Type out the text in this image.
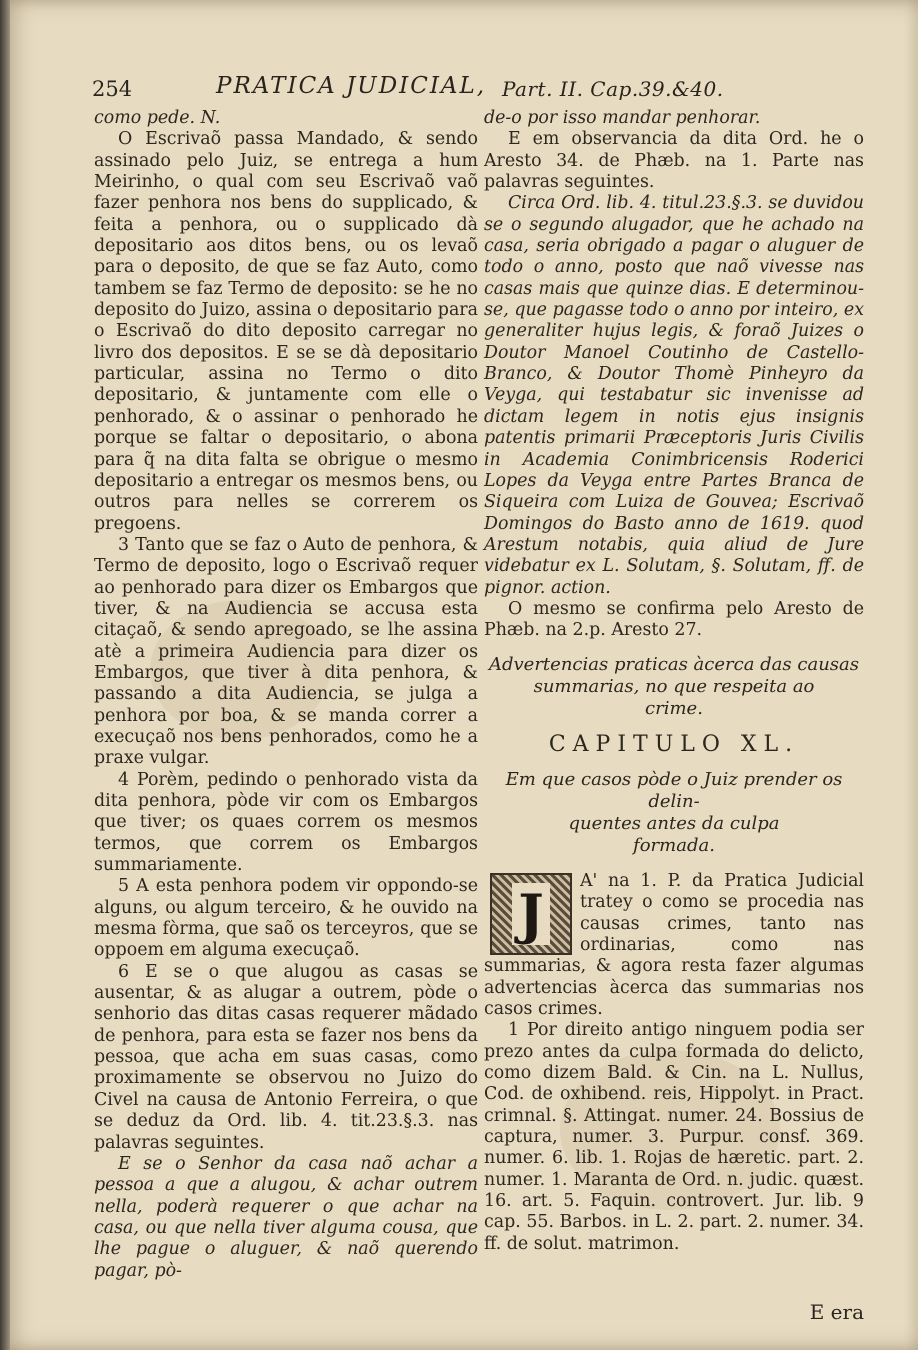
254	PRATICA JUDICIAL, Part. II. Cap.39.&40.

como pede. N.

O Escrivaõ passa Mandado, & sendo assinado pelo Juiz, se entrega a hum Meirinho, o qual com seu Escrivaõ vaõ fazer penhora nos bens do supplicado, & feita a penhora, ou o supplicado dà depositario aos ditos bens, ou os levaõ para o deposito, de que se faz Auto, como tambem se faz Termo de deposito: se he no deposito do Juizo, assina o depositario para o Escrivaõ do dito deposito carregar no livro dos depositos. E se se dà depositario particular, assina no Termo o dito depositario, & juntamente com elle o penhorado, & o assinar o penhorado he porque se faltar o depositario, o abona para q̃ na dita falta se obrigue o mesmo depositario a entregar os mesmos bens, ou outros para nelles se correrem os pregoens.

3 Tanto que se faz o Auto de penhora, & Termo de deposito, logo o Escrivaõ requer ao penhorado para dizer os Embargos que tiver, & na Audiencia se accusa esta citaçaõ, & sendo apregoado, se lhe assina atè a primeira Audiencia para dizer os Embargos, que tiver à dita penhora, & passando a dita Audiencia, se julga a penhora por boa, & se manda correr a execuçaõ nos bens penhorados, como he a praxe vulgar.

4 Porèm, pedindo o penhorado vista da dita penhora, pòde vir com os Embargos que tiver; os quaes correm os mesmos termos, que correm os Embargos summariamente.

5 A esta penhora podem vir oppondo-se alguns, ou algum terceiro, & he ouvido na mesma fòrma, que saõ os terceyros, que se oppoem em alguma execuçaõ.

6 E se o que alugou as casas se ausentar, & as alugar a outrem, pòde o senhorio das ditas casas requerer mãdado de penhora, para esta se fazer nos bens da pessoa, que acha em suas casas, como proximamente se observou no Juizo do Civel na causa de Antonio Ferreira, o que se deduz da Ord. lib. 4. tit.23.§.3. nas palavras seguintes.

E se o Senhor da casa naõ achar a pessoa a que a alugou, & achar outrem nella, poderà requerer o que achar na casa, ou que nella tiver alguma cousa, que lhe pague o aluguer, & naõ querendo pagar, pò-

de-o por isso mandar penhorar.

E em observancia da dita Ord. he o Aresto 34. de Phæb. na 1. Parte nas palavras seguintes.

Circa Ord. lib. 4. titul.23.§.3. se duvidou se o segundo alugador, que he achado na casa, seria obrigado a pagar o aluguer de todo o anno, posto que naõ vivesse nas casas mais que quinze dias. E determinou-se, que pagasse todo o anno por inteiro, ex generaliter hujus legis, & foraõ Juizes o Doutor Manoel Coutinho de Castello-Branco, & Doutor Thomè Pinheyro da Veyga, qui testabatur sic invenisse ad dictam legem in notis ejus insignis patentis primarii Præceptoris Juris Civilis in Academia Conimbricensis Roderici Lopes da Veyga entre Partes Branca de Siqueira com Luiza de Gouvea; Escrivaõ Domingos do Basto anno de 1619. quod Arestum notabis, quia aliud de Jure videbatur ex L. Solutam, §. Solutam, ff. de pignor. action.

O mesmo se confirma pelo Aresto de Phæb. na 2.p. Aresto 27.

Advertencias praticas àcerca das causas

summarias, no que respeita ao

crime.

CAPITULO XL.

Em que casos pòde o Juiz prender os delin-

quentes antes da culpa

formada.

J

A' na 1. P. da Pratica Judicial tratey o como se procedia nas causas crimes, tanto nas ordinarias, como nas summarias, & agora resta fazer algumas advertencias àcerca das summarias nos casos crimes.

1 Por direito antigo ninguem podia ser prezo antes da culpa formada do delicto, como dizem Bald. & Cin. na L. Nullus, Cod. de oxhibend. reis, Hippolyt. in Pract. crimnal. §. Attingat. numer. 24. Bossius de captura, numer. 3. Purpur. consf. 369. numer. 6. lib. 1. Rojas de hæretic. part. 2. numer. 1. Maranta de Ord. n. judic. quæst. 16. art. 5. Faquin. controvert. Jur. lib. 9 cap. 55. Barbos. in L. 2. part. 2. numer. 34. ff. de solut. matrimon.

E era
